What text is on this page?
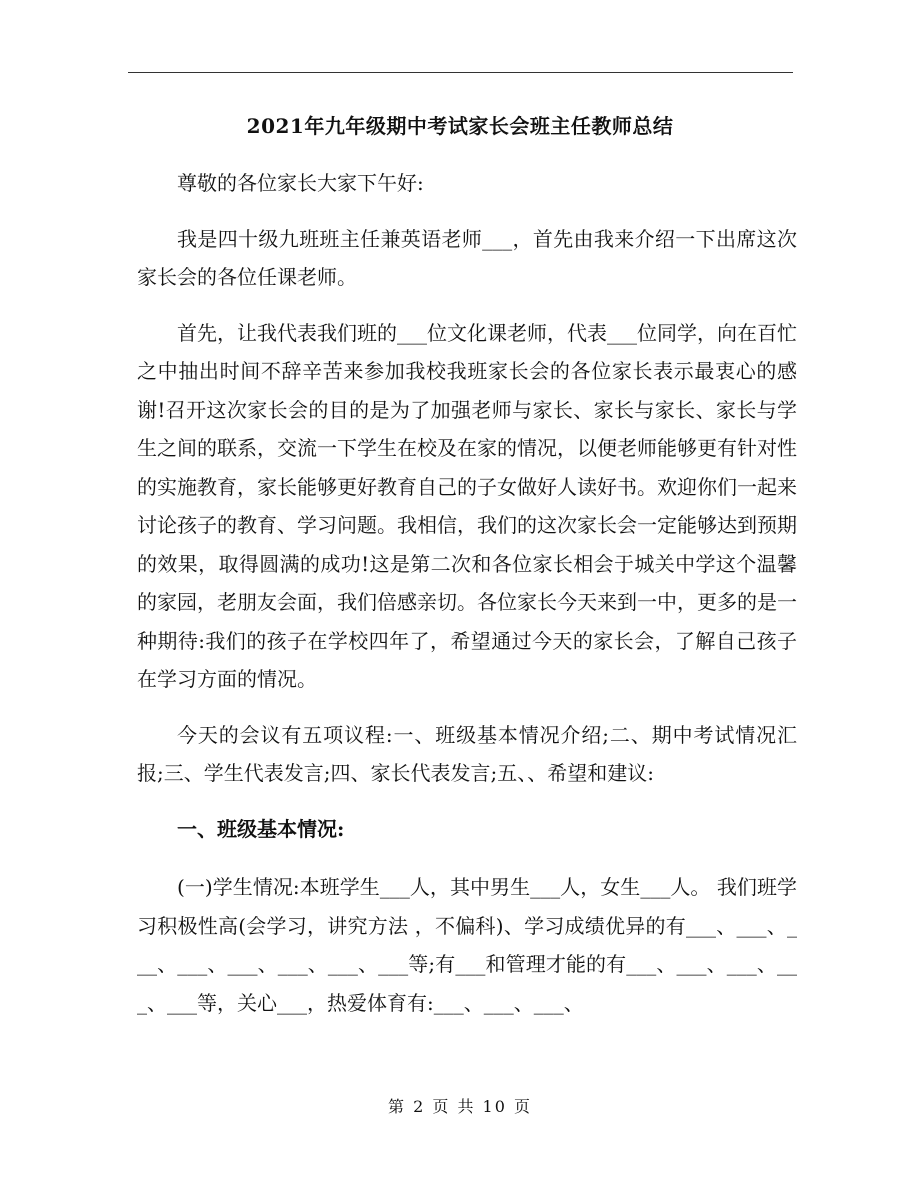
2021年九年级期中考试家长会班主任教师总结

尊敬的各位家长大家下午好:

我是四十级九班班主任兼英语老师___，首先由我来介绍一下出席这次家长会的各位任课老师。

首先，让我代表我们班的___位文化课老师，代表___位同学，向在百忙之中抽出时间不辞辛苦来参加我校我班家长会的各位家长表示最衷心的感谢!召开这次家长会的目的是为了加强老师与家长、家长与家长、家长与学生之间的联系，交流一下学生在校及在家的情况，以便老师能够更有针对性的实施教育，家长能够更好教育自己的子女做好人读好书。欢迎你们一起来讨论孩子的教育、学习问题。我相信，我们的这次家长会一定能够达到预期的效果，取得圆满的成功!这是第二次和各位家长相会于城关中学这个温馨的家园，老朋友会面，我们倍感亲切。各位家长今天来到一中，更多的是一种期待:我们的孩子在学校四年了，希望通过今天的家长会，了解自己孩子在学习方面的情况。

今天的会议有五项议程:一、班级基本情况介绍;二、期中考试情况汇报;三、学生代表发言;四、家长代表发言;五、、希望和建议:

一、班级基本情况:

(一)学生情况:本班学生___人，其中男生___人，女生___人。 我们班学习积极性高(会学习，讲究方法 ，不偏科)、学习成绩优异的有___、___、___、___、___、___、___、___等;有___和管理才能的有___、___、___、___、___等，关心___，热爱体育有:___、___、___、

第 2 页 共 10 页
